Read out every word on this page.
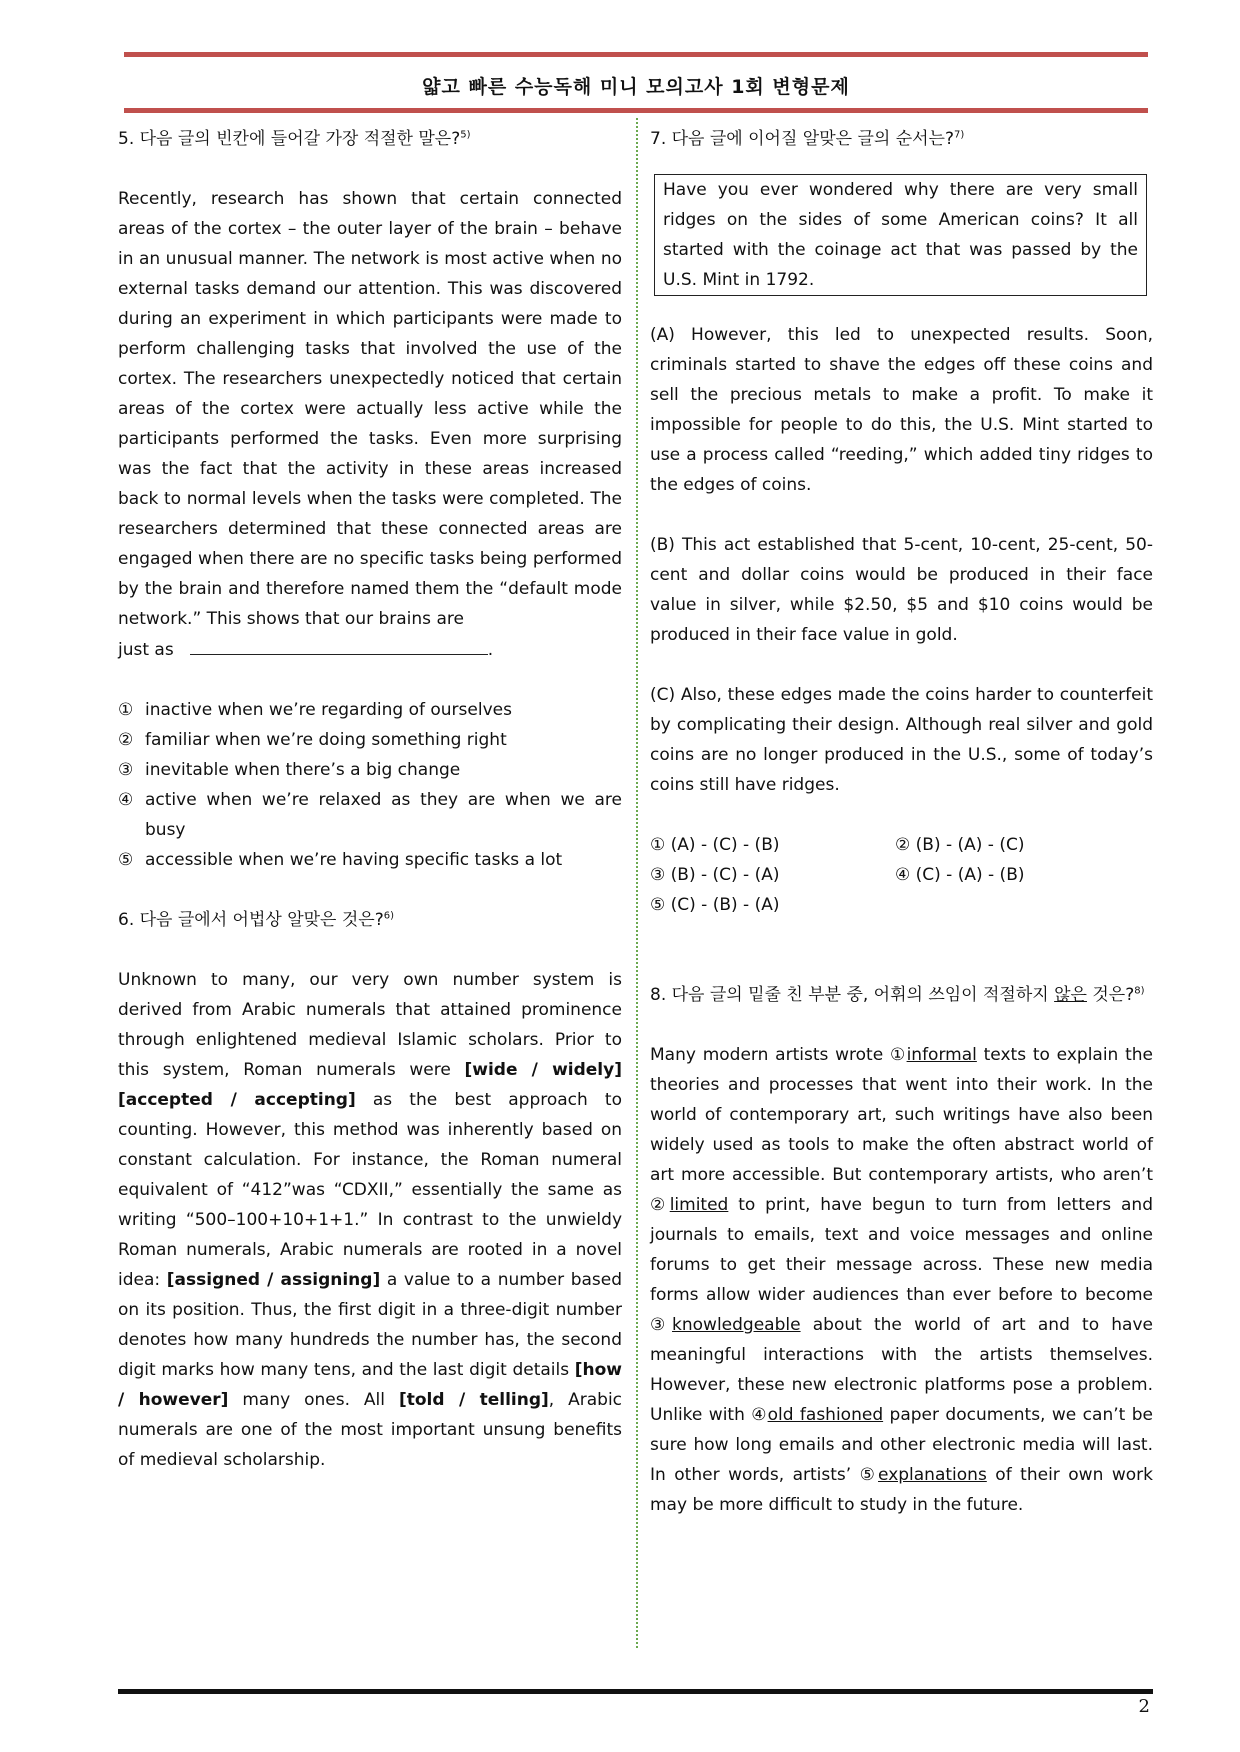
얇고 빠른 수능독해 미니 모의고사 1회 변형문제

5. 다음 글의 빈칸에 들어갈 가장 적절한 말은?$^{5)}$

Recently, research has shown that certain connected areas of the cortex – the outer layer of the brain – behave in an unusual manner. The network is most active when no external tasks demand our attention. This was discovered during an experiment in which participants were made to perform challenging tasks that involved the use of the cortex. The researchers unexpectedly noticed that certain areas of the cortex were actually less active while the participants performed the tasks. Even more surprising was the fact that the activity in these areas increased back to normal levels when the tasks were completed. The researchers determined that these connected areas are engaged when there are no specific tasks being performed by the brain and therefore named them the “default mode network.” This shows that our brains are

just as	.

① inactive when we’re regarding of ourselves
② familiar when we’re doing something right
③ inevitable when there’s a big change
④ active when we’re relaxed as they are when we are busy
⑤ accessible when we’re having specific tasks a lot

6. 다음 글에서 어법상 알맞은 것은?$^{6)}$

Unknown to many, our very own number system is derived from Arabic numerals that attained prominence through enlightened medieval Islamic scholars. Prior to this system, Roman numerals were [wide / widely] [accepted / accepting] as the best approach to counting. However, this method was inherently based on constant calculation. For instance, the Roman numeral equivalent of “412”was “CDXII,” essentially the same as writing “500–100+10+1+1.” In contrast to the unwieldy Roman numerals, Arabic numerals are rooted in a novel idea: [assigned / assigning] a value to a number based on its position. Thus, the first digit in a three-digit number denotes how many hundreds the number has, the second digit marks how many tens, and the last digit details [how / however] many ones. All [told / telling], Arabic numerals are one of the most important unsung benefits of medieval scholarship.

7. 다음 글에 이어질 알맞은 글의 순서는?$^{7)}$

Have you ever wondered why there are very small ridges on the sides of some American coins? It all started with the coinage act that was passed by the U.S. Mint in 1792.

(A) However, this led to unexpected results. Soon, criminals started to shave the edges off these coins and sell the precious metals to make a profit. To make it impossible for people to do this, the U.S. Mint started to use a process called “reeding,” which added tiny ridges to the edges of coins.

(B) This act established that 5-cent, 10-cent, 25-cent, 50-cent and dollar coins would be produced in their face value in silver, while $2.50, $5 and $10 coins would be produced in their face value in gold.

(C) Also, these edges made the coins harder to counterfeit by complicating their design. Although real silver and gold coins are no longer produced in the U.S., some of today’s coins still have ridges.

① (A) - (C) - (B)	② (B) - (A) - (C)
③ (B) - (C) - (A)	④ (C) - (A) - (B)
⑤ (C) - (B) - (A)

8. 다음 글의 밑줄 친 부분 중, 어휘의 쓰임이 적절하지 않은 것은?$^{8)}$

Many modern artists wrote ①informal texts to explain the theories and processes that went into their work. In the world of contemporary art, such writings have also been widely used as tools to make the often abstract world of art more accessible. But contemporary artists, who aren’t ②limited to print, have begun to turn from letters and journals to emails, text and voice messages and online forums to get their message across. These new media forms allow wider audiences than ever before to become ③knowledgeable about the world of art and to have meaningful interactions with the artists themselves. However, these new electronic platforms pose a problem. Unlike with ④old fashioned paper documents, we can’t be sure how long emails and other electronic media will last. In other words, artists’ ⑤explanations of their own work may be more difficult to study in the future.

2
